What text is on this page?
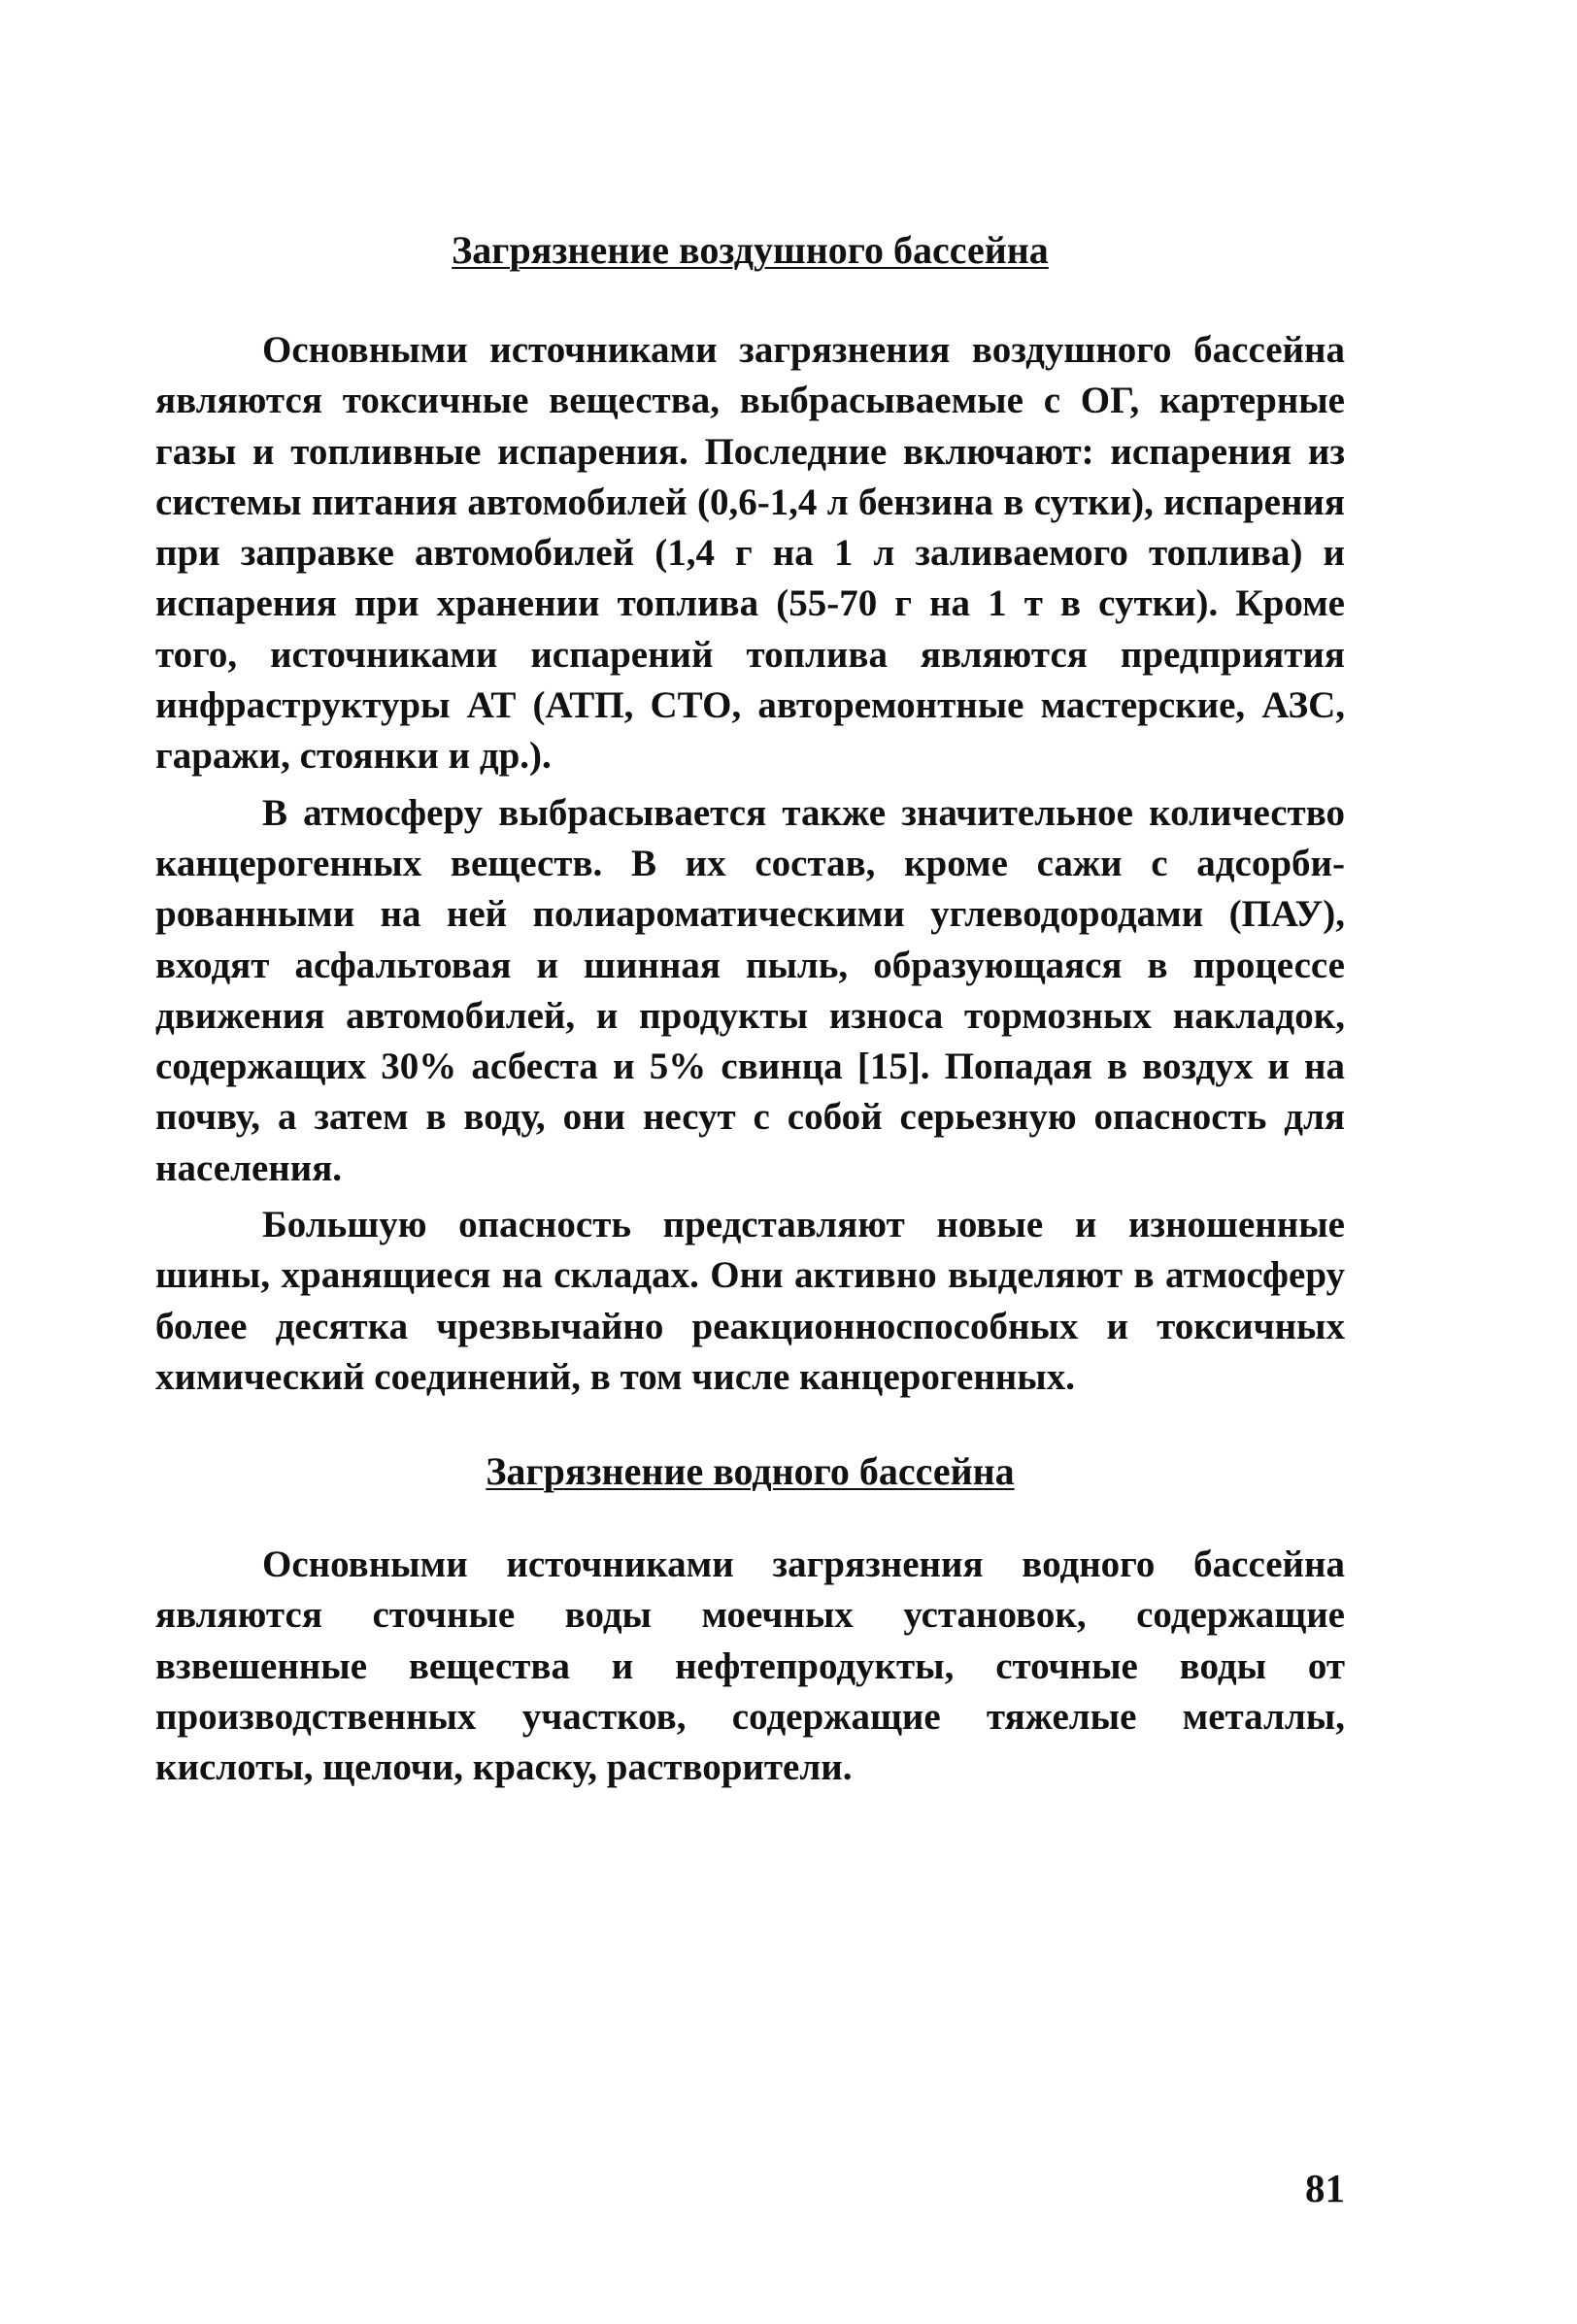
Загрязнение воздушного бассейна

Основными источниками загрязнения воздушного бассейна являются токсичные вещества, выбрасываемые с ОГ, картерные газы и топливные испарения. Последние включают: испарения из системы питания автомобилей (0,6-1,4 л бензина в сутки), испарения при заправке автомобилей (1,4 г на 1 л заливаемого топлива) и испарения при хранении топлива (55-70 г на 1 т в сутки). Кроме того, источниками испарений топлива являются предприятия инфраструктуры АТ (АТП, СТО, авторемонтные мастерские, АЗС, гаражи, стоянки и др.).

В атмосферу выбрасывается также значительное количество канцерогенных веществ. В их состав, кроме сажи с адсорбированными на ней полиароматическими углеводородами (ПАУ), входят асфальтовая и шинная пыль, образующаяся в процессе движения автомобилей, и продукты износа тормозных накладок, содержащих 30% асбеста и 5% свинца [15]. Попадая в воздух и на почву, а затем в воду, они несут с собой серьезную опасность для населения.

Большую опасность представляют новые и изношенные шины, хранящиеся на складах. Они активно выделяют в атмосферу более десятка чрезвычайно реакционноспособных и токсичных химический соединений, в том числе канцерогенных.

Загрязнение водного бассейна

Основными источниками загрязнения водного бассейна являются сточные воды моечных установок, содержащие взвешенные вещества и нефтепродукты, сточные воды от производственных участков, содержащие тяжелые металлы, кислоты, щелочи, краску, растворители.

81
